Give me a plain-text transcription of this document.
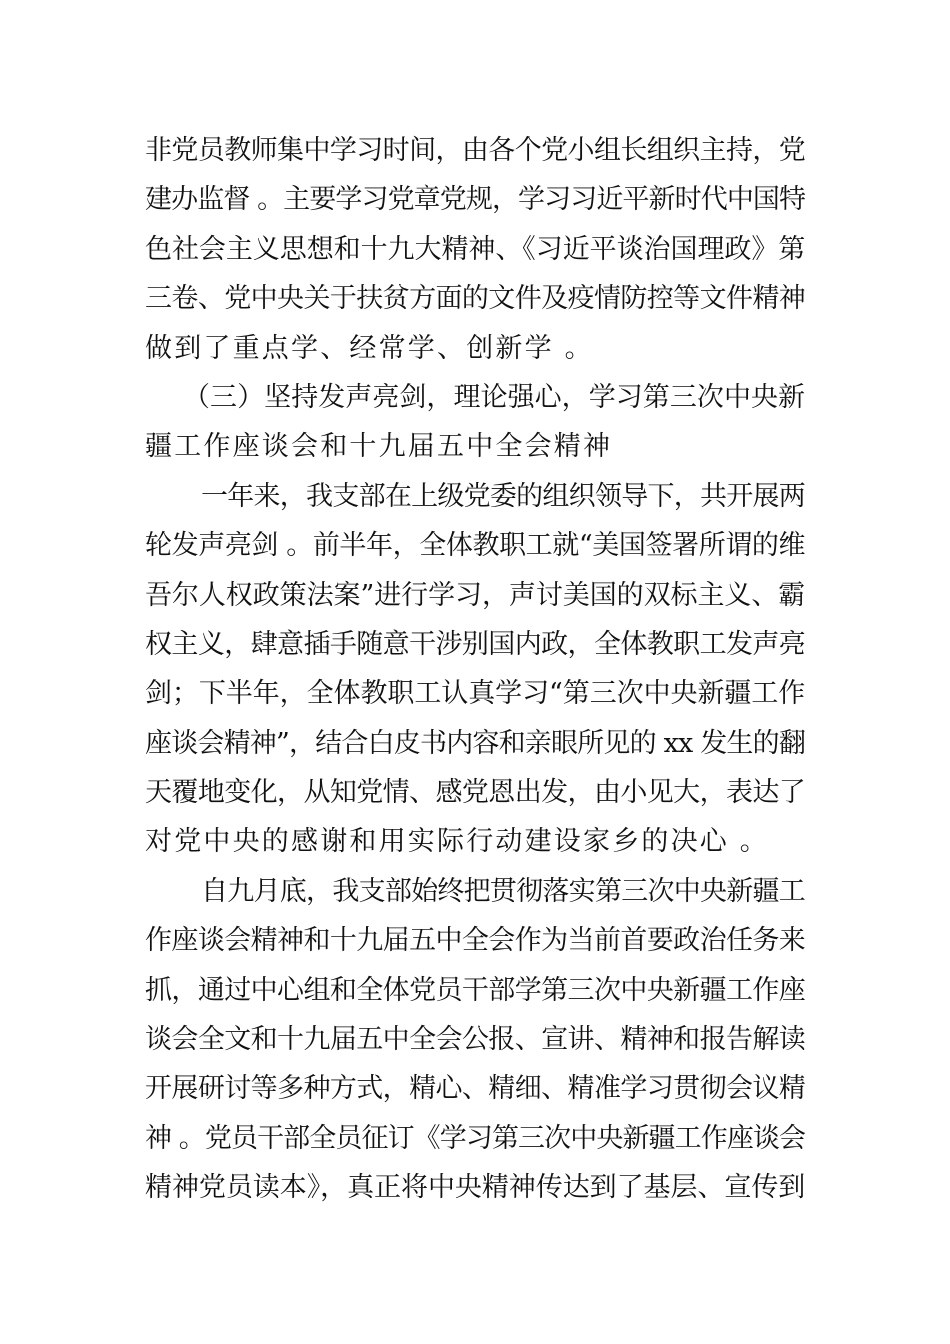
非党员教师集中学习时间，由各个党小组长组织主持，党
建办监督 。主要学习党章党规，学习习近平新时代中国特
色社会主义思想和十九大精神、《习近平谈治国理政》第
三卷、党中央关于扶贫方面的文件及疫情防控等文件精神
做到了重点学、经常学、创新学 。
（三）坚持发声亮剑，理论强心，学习第三次中央新
疆工作座谈会和十九届五中全会精神
一年来，我支部在上级党委的组织领导下，共开展两
轮发声亮剑 。前半年，全体教职工就“美国签署所谓的维
吾尔人权政策法案”进行学习，声讨美国的双标主义、霸
权主义，肆意插手随意干涉别国内政，全体教职工发声亮
剑；下半年，全体教职工认真学习“第三次中央新疆工作
座谈会精神”，结合白皮书内容和亲眼所见的 xx 发生的翻
天覆地变化，从知党情、感党恩出发，由小见大，表达了
对党中央的感谢和用实际行动建设家乡的决心 。
自九月底，我支部始终把贯彻落实第三次中央新疆工
作座谈会精神和十九届五中全会作为当前首要政治任务来
抓，通过中心组和全体党员干部学第三次中央新疆工作座
谈会全文和十九届五中全会公报、宣讲、精神和报告解读
开展研讨等多种方式，精心、精细、精准学习贯彻会议精
神 。党员干部全员征订《学习第三次中央新疆工作座谈会
精神党员读本》，真正将中央精神传达到了基层、宣传到
